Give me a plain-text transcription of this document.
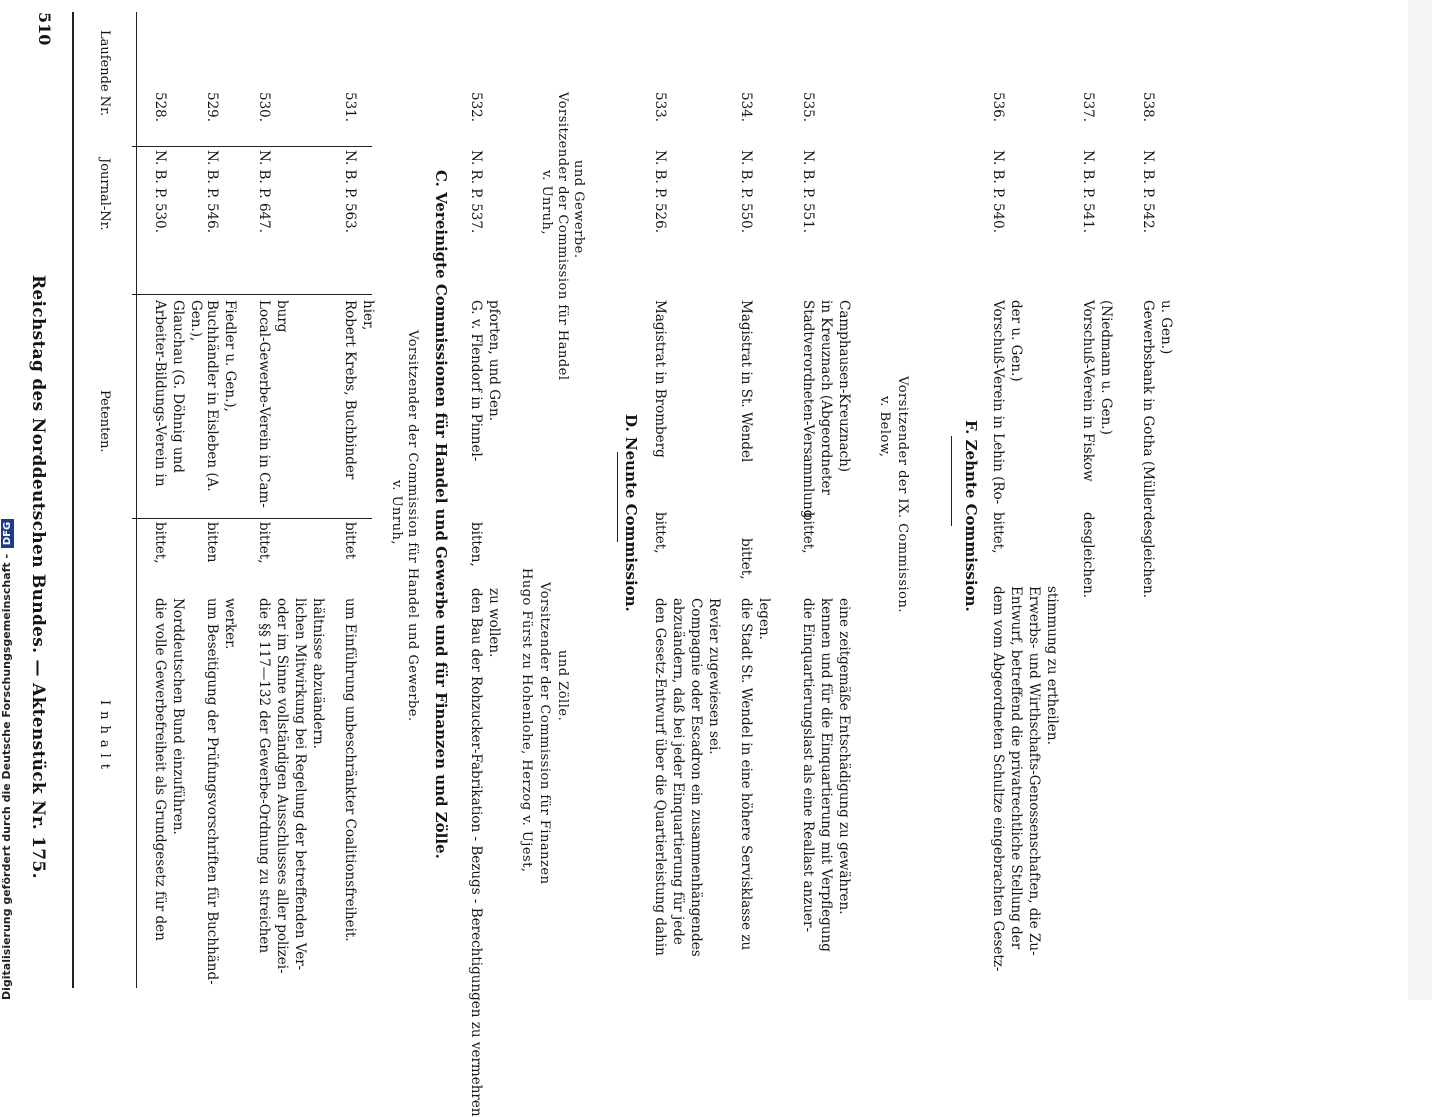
510
Reichstag des Norddeutschen Bundes. — Aktenstück Nr. 175.
Laufende Nr.
Journal-Nr.
Petenten.
Inhalt
528.
N. B. P. 530.
Arbeiter-Bildungs-Verein in Glauchau (G. Döhnig und Gen.),
bittet,
die volle Gewerbefreiheit als Grundgesetz für den Norddeutschen Bund einzuführen.
529.
N. B. P. 546.
Buchhändler in Eisleben (A. Fiedler u. Gen.),
bitten
um Beseitigung der Prüfungsvorschriften für Buchhänd- werker.
530.
N. B. P. 647.
Local-Gewerbe-Verein in Cam- burg
bittet,
die §§ 117—132 der Gewerbe-Ordnung zu streichen oder im Sinne vollständigen Ausschlusses aller polizei- lichen Mitwirkung bei Regelung der betreffenden Ver- hältnisse abzuändern.
531.
N. B. P. 563.
Robert Krebs, Buchbinder hier,
bittet
um Einführung unbeschränkter Coalitionsfreiheit.
v. Unruh, Vorsitzender der Commission für Handel und Gewerbe. C. Vereinigte Commissionen für Handel und Gewerbe und für Finanzen und Zölle.
532.
N. R. P. 537.
G. v. Flendorf in Pinnel- pforten, und Gen.
bitten,
den Bau der Rohzucker-Fabrikation - Bezugs - Berechtigungen zu vermehren zu wollen.
v. Unruh, Vorsitzender der Commission für Handel und Gewerbe.
Hugo Fürst zu Hohenlohe, Herzog v. Ujest, Vorsitzender der Commission für Finanzen und Zölle.
D. Neunte Commission.
533.
N. B. P. 526.
Magistrat in Bromberg
bittet,
den Gesetz-Entwurf über die Quartierleistung dahin abzuändern, daß bei jeder Einquartierung für jede Compagnie oder Escadron ein zusammenhängendes Revier zugewiesen sei.
534.
N. B. P. 550.
Magistrat in St. Wendel
bittet,
die Stadt St. Wendel in eine höhere Servisklasse zu legen.
535.
N. B. P. 551.
Stadtverordneten-Versammlung in Kreuznach (Abgeordneter Camphausen-Kreuznach)
bittet,
die Einquartierungslast als eine Reallast anzuer- kennen und für die Einquartierung mit Verpflegung eine zeitgemäße Entschädigung zu gewähren.
v. Below, Vorsitzender der IX. Commission.	F. Zehnte Commission.
536.
N. B. P. 540.
Vorschuß-Verein in Lehin (Ro- der u. Gen.)
bittet,
dem vom Abgeordneten Schultze eingebrachten Gesetz- Entwurf, betreffend die privatrechtliche Stellung der Erwerbs- und Wirthschafts-Genossenschaften, die Zu- stimmung zu ertheilen.
537.
N. B. P. 541.
Vorschuß-Verein in Fiskow (Niedmann u. Gen.)
desgleichen.
538.
N. B. P. 542.
Gewerbsbank in Gotha (Müller u. Gen.)
desgleichen.
Digitalisierung gefördert durch die Deutsche Forschungsgemeinschaft - DFG
